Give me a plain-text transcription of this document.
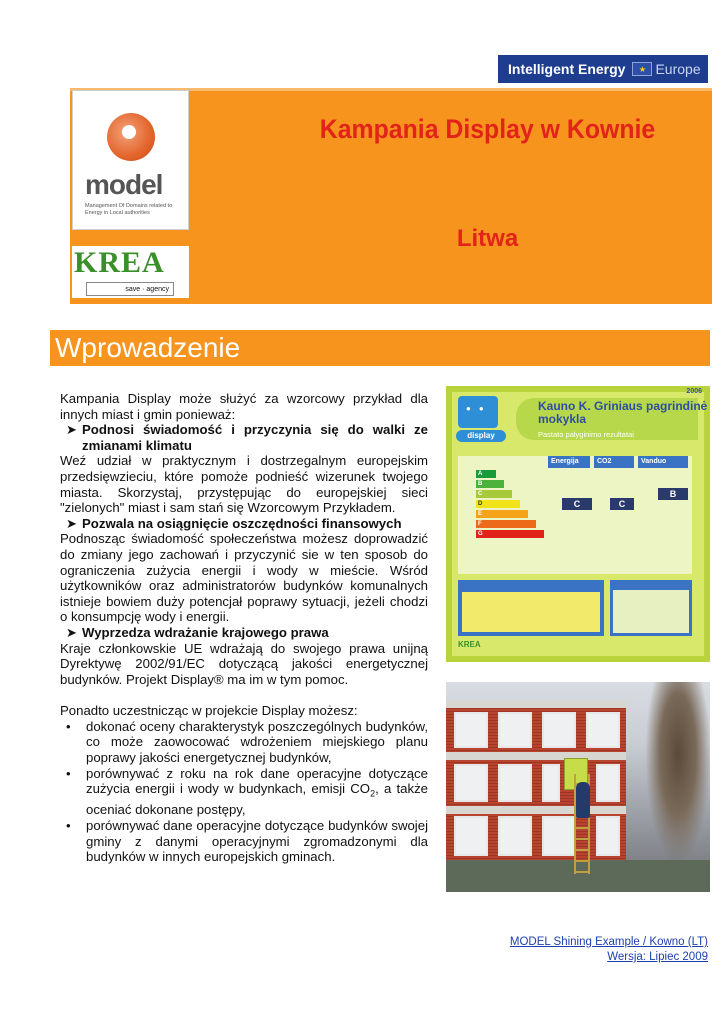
Intelligent Energy	★ Europe
model
Management Of Domains related to Energy in Local authorities
KREA
save · agency
Kampania Display w Kownie
Litwa
Wprowadzenie

Kampania Display może służyć za wzorcowy przykład dla innych miast i gmin ponieważ:

➤ Podnosi świadomość i przyczynia się do walki ze zmianami klimatu

Weź udział w praktycznym i dostrzegalnym europejskim przedsięwzieciu, które pomoże podnieść wizerunek twojego miasta. Skorzystaj, przystępując do europejskiej sieci "zielonych" miast i sam stań się Wzorcowym Przykładem.

➤ Pozwala na osiągnięcie oszczędności finansowych

Podnosząc świadomość społeczeństwa możesz doprowadzić do zmiany jego zachowań i przyczynić sie w ten sposob do ograniczenia zużycia energii i wody w mieście. Wśród użytkowników oraz administratorów budynków komunalnych istnieje bowiem duży potencjał poprawy sytuacji, jeżeli chodzi o konsumpcję wody i energii.

➤ Wyprzedza wdrażanie krajowego prawa

Kraje członkowskie UE wdrażają do swojego prawa unijną Dyrektywę 2002/91/EC dotyczącą jakości energetycznej budynków. Projekt Display® ma im w tym pomoc.

Ponadto uczestnicząc w projekcie Display możesz:

•	dokonać oceny charakterystyk poszczególnych budynków, co może zaowocować wdrożeniem miejskiego planu poprawy jakości energetycznej budynków,
•	porównywać z roku na rok dane operacyjne dotyczące zużycia energii i wody w budynkach, emisji $CO_2$, a także oceniać dokonane postępy,
•	porównywać dane operacyjne dotyczące budynków swojej gminy z danymi operacyjnymi zgromadzonymi dla budynków w innych europejskich gminach.
2006
● ●
display
Kauno K. Griniaus pagrindinė mokykla
Pastato palyginimo rezultatai
Energija	CO2	Vanduo
A
B
C
D
E
F
G
C	C
B
KREA
MODEL Shining Example / Kowno (LT)
Wersja: Lipiec 2009
